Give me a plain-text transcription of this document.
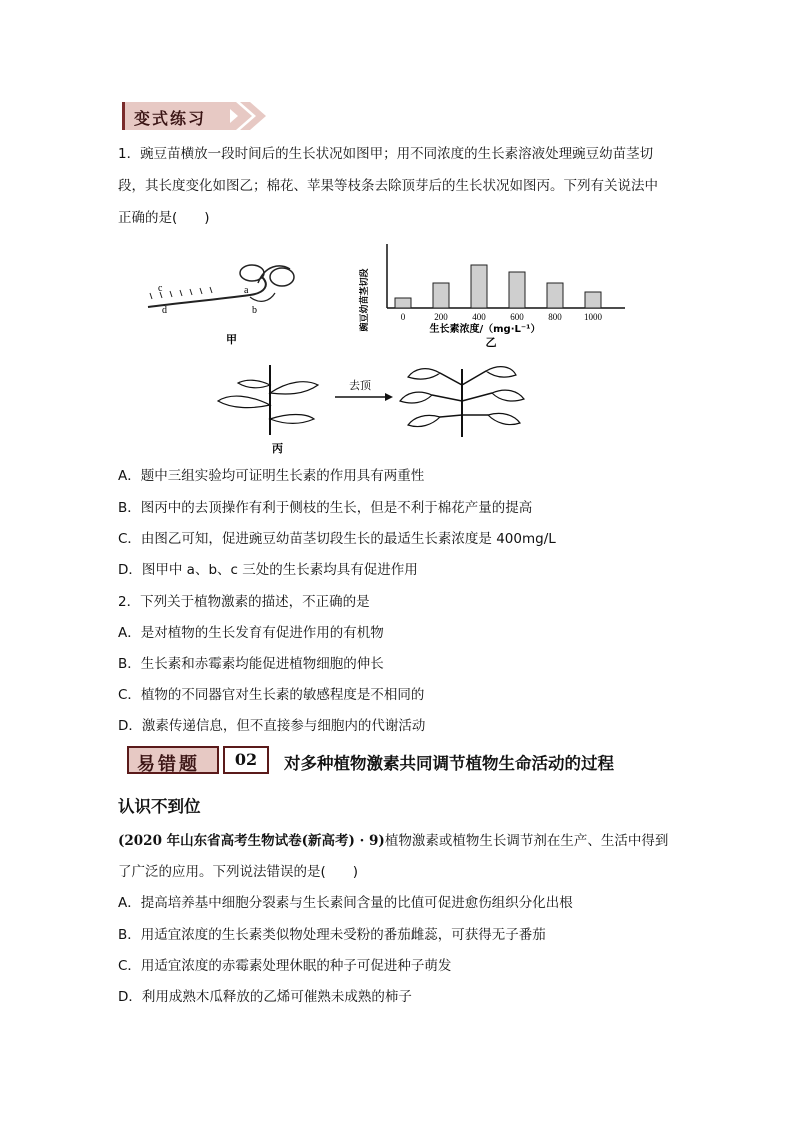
变式练习
1．豌豆苗横放一段时间后的生长状况如图甲；用不同浓度的生长素溶液处理豌豆幼苗茎切
段，其长度变化如图乙；棉花、苹果等枝条去除顶芽后的生长状况如图丙。下列有关说法中
正确的是(　　)
a
b
c
d
甲
豌豆幼苗茎切段	0	200	400	600	800 1000
生长素浓度/（mg·L⁻¹）
乙
去顶
丙
A．题中三组实验均可证明生长素的作用具有两重性
B．图丙中的去顶操作有利于侧枝的生长，但是不利于棉花产量的提高
C．由图乙可知，促进豌豆幼苗茎切段生长的最适生长素浓度是 400mg/L
D．图甲中 a、b、c 三处的生长素均具有促进作用
2．下列关于植物激素的描述，不正确的是
A．是对植物的生长发育有促进作用的有机物
B．生长素和赤霉素均能促进植物细胞的伸长
C．植物的不同器官对生长素的敏感程度是不相同的
D．激素传递信息，但不直接参与细胞内的代谢活动
易错题	02	对多种植物激素共同调节植物生命活动的过程
认识不到位
(2020 年山东省高考生物试卷(新高考) · 9)植物激素或植物生长调节剂在生产、生活中得到
了广泛的应用。下列说法错误的是(　　)
A．提高培养基中细胞分裂素与生长素间含量的比值可促进愈伤组织分化出根
B．用适宜浓度的生长素类似物处理未受粉的番茄雌蕊，可获得无子番茄
C．用适宜浓度的赤霉素处理休眠的种子可促进种子萌发
D．利用成熟木瓜释放的乙烯可催熟未成熟的柿子
